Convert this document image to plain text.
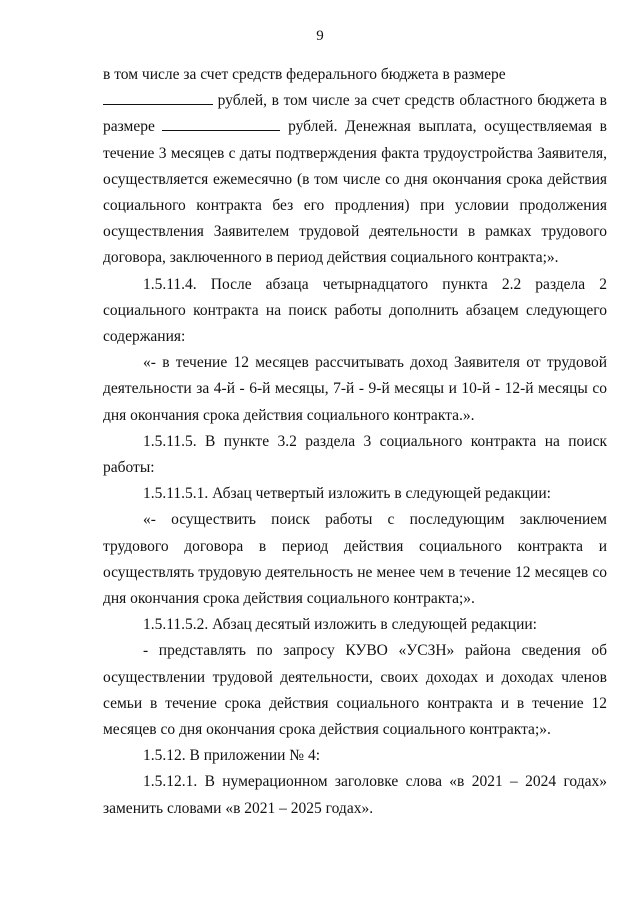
9

в том числе за счет средств федерального бюджета в размере

рублей, в том числе за счет средств областного бюджета в размере	рублей. Денежная выплата, осуществляемая в течение 3 месяцев с даты подтверждения факта трудоустройства Заявителя, осуществляется ежемесячно (в том числе со дня окончания срока действия социального контракта без его продления) при условии продолжения осуществления Заявителем трудовой деятельности в рамках трудового договора, заключенного в период действия социального контракта;».

1.5.11.4. После абзаца четырнадцатого пункта 2.2 раздела 2 социального контракта на поиск работы дополнить абзацем следующего содержания:

«- в течение 12 месяцев рассчитывать доход Заявителя от трудовой деятельности за 4-й - 6-й месяцы, 7-й - 9-й месяцы и 10-й - 12-й месяцы со дня окончания срока действия социального контракта.».

1.5.11.5. В пункте 3.2 раздела 3 социального контракта на поиск работы:

1.5.11.5.1. Абзац четвертый изложить в следующей редакции:

«- осуществить поиск работы с последующим заключением трудового договора в период действия социального контракта и осуществлять трудовую деятельность не менее чем в течение 12 месяцев со дня окончания срока действия социального контракта;».

1.5.11.5.2. Абзац десятый изложить в следующей редакции:

- представлять по запросу КУВО «УСЗН» района сведения об осуществлении трудовой деятельности, своих доходах и доходах членов семьи в течение срока действия социального контракта и в течение 12 месяцев со дня окончания срока действия социального контракта;».

1.5.12. В приложении № 4:

1.5.12.1. В нумерационном заголовке слова «в 2021 – 2024 годах» заменить словами «в 2021 – 2025 годах».
